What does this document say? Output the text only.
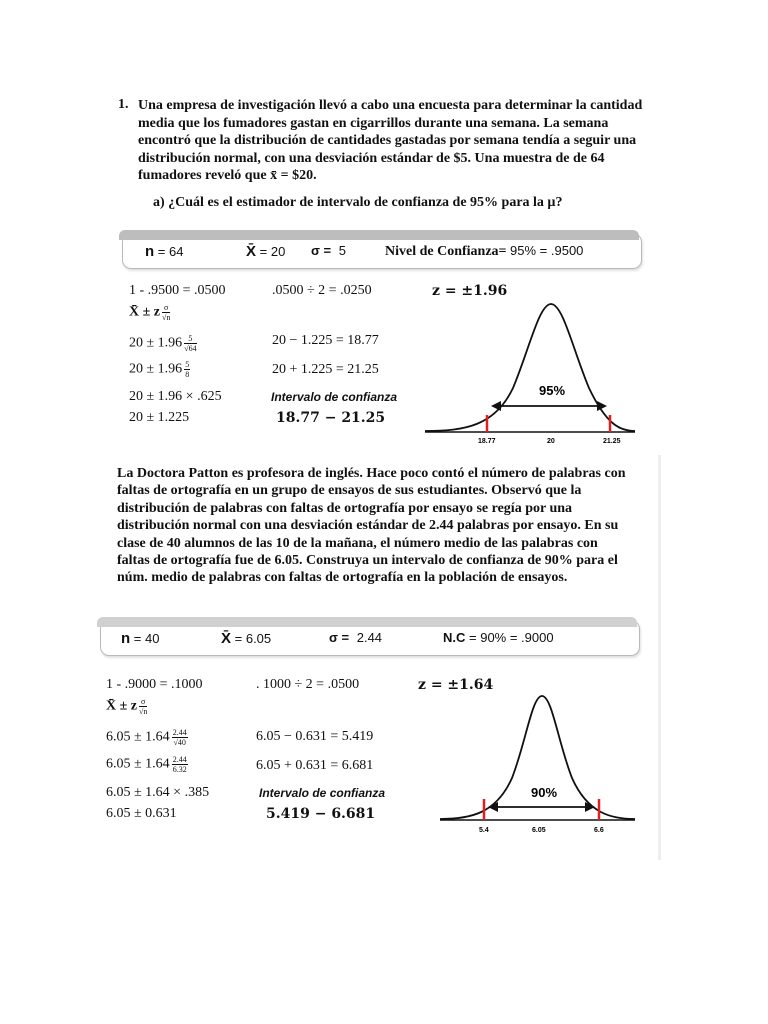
1. Una empresa de investigación llevó a cabo una encuesta para determinar la cantidad
media que los fumadores gastan en cigarrillos durante una semana. La semana
encontró que la distribución de cantidades gastadas por semana tendía a seguir una
distribución normal, con una desviación estándar de $5. Una muestra de de 64
fumadores reveló que x̄ = $20.
a) ¿Cuál es el estimador de intervalo de confianza de 95% para la µ?
n = 64	X̄ = 20 σ = 5	Nivel de Confianza= 95% = .9500
1 - .9500 = .0500	.0500 ÷ 2 = .0250	z = ±1.96
X̄ ± z $\frac{\sigma}{√n}$
$20 \pm 1.96 \frac{5}{√64}$
$20 \pm 1.96 \frac{5}{8}$
20 ± 1.96 × .625
20 ± 1.225
20 − 1.225 = 18.77
20 + 1.225 = 21.25
Intervalo de confianza
18.77 − 21.25
95%
18.77	20	21.25
La Doctora Patton es profesora de inglés. Hace poco contó el número de palabras con
faltas de ortografía en un grupo de ensayos de sus estudiantes. Observó que la
distribución de palabras con faltas de ortografía por ensayo se regía por una
distribución normal con una desviación estándar de 2.44 palabras por ensayo. En su
clase de 40 alumnos de las 10 de la mañana, el número medio de las palabras con
faltas de ortografía fue de 6.05. Construya un intervalo de confianza de 90% para el
núm. medio de palabras con faltas de ortografía en la población de ensayos.
n = 40	X̄ = 6.05	σ = 2.44	N.C = 90% = .9000
1 - .9000 = .1000	. 1000 ÷ 2 = .0500	z = ±1.64
X̄ ± z $\frac{\sigma}{√n}$
$6.05 \pm 1.64 \frac{2.44}{√40}$
$6.05 \pm 1.64 \frac{2.44}{6.32}$
6.05 ± 1.64 × .385
6.05 ± 0.631
6.05 − 0.631 = 5.419
6.05 + 0.631 = 6.681
Intervalo de confianza
5.419 − 6.681
90%
5.4	6.05	6.6
